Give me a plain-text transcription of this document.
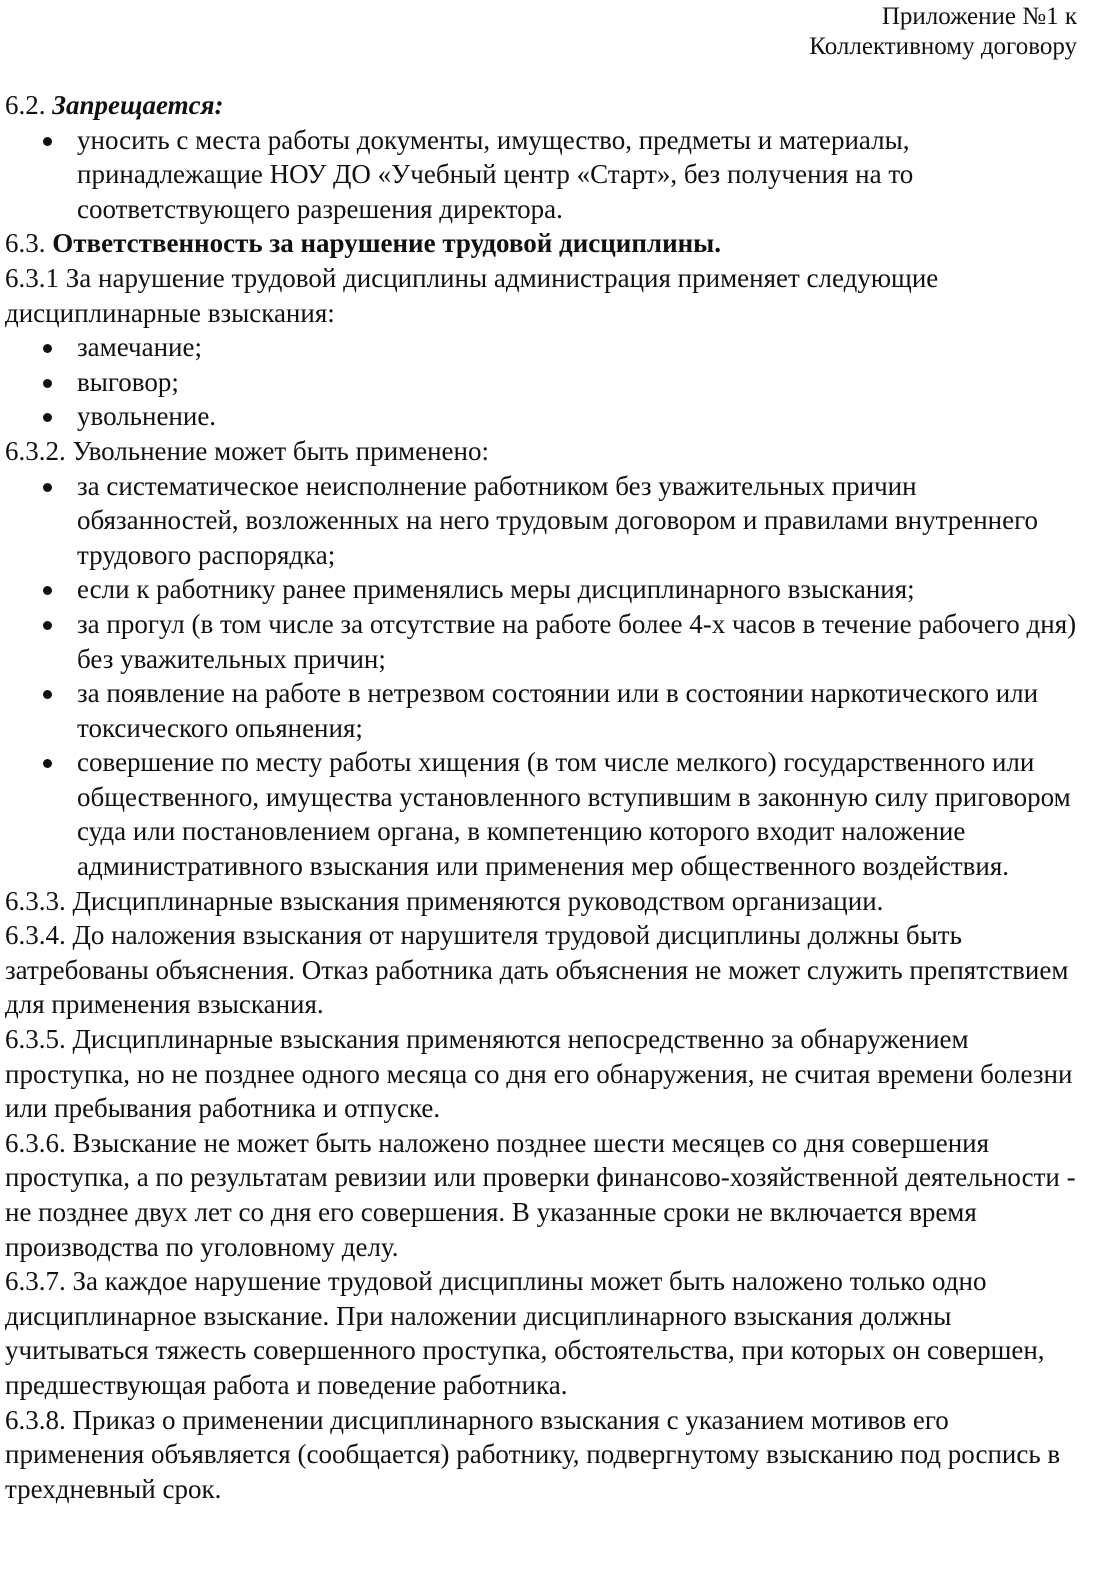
Приложение №1 к
Коллективному договору

6.2. Запрещается:

уносить с места работы документы, имущество, предметы и материалы, принадлежащие НОУ ДО «Учебный центр «Старт», без получения на то соответствующего разрешения директора.

6.3. Ответственность за нарушение трудовой дисциплины.

6.3.1 За нарушение трудовой дисциплины администрация применяет следующие дисциплинарные взыскания:

замечание;
выговор;
увольнение.

6.3.2. Увольнение может быть применено:

за систематическое неисполнение работником без уважительных причин обязанностей, возложенных на него трудовым договором и правилами внутреннего трудового распорядка;
если к работнику ранее применялись меры дисциплинарного взыскания;
за прогул (в том числе за отсутствие на работе более 4-х часов в течение рабочего дня) без уважительных причин;
за появление на работе в нетрезвом состоянии или в состоянии наркотического или токсического опьянения;
совершение по месту работы хищения (в том числе мелкого) государственного или общественного, имущества установленного вступившим в законную силу приговором суда или постановлением органа, в компетенцию которого входит наложение административного взыскания или применения мер общественного воздействия.

6.3.3. Дисциплинарные взыскания применяются руководством организации.

6.3.4. До наложения взыскания от нарушителя трудовой дисциплины должны быть затребованы объяснения. Отказ работника дать объяснения не может служить препятствием для применения взыскания.

6.3.5. Дисциплинарные взыскания применяются непосредственно за обнаружением проступка, но не позднее одного месяца со дня его обнаружения, не считая времени болезни или пребывания работника и отпуске.

6.3.6. Взыскание не может быть наложено позднее шести месяцев со дня совершения проступка, а по результатам ревизии или проверки финансово-хозяйственной деятельности - не позднее двух лет со дня его совершения. В указанные сроки не включается время производства по уголовному делу.

6.3.7. За каждое нарушение трудовой дисциплины может быть наложено только одно дисциплинарное взыскание. При наложении дисциплинарного взыскания должны учитываться тяжесть совершенного проступка, обстоятельства, при которых он совершен, предшествующая работа и поведение работника.

6.3.8. Приказ о применении дисциплинарного взыскания с указанием мотивов его применения объявляется (сообщается) работнику, подвергнутому взысканию под роспись в трехдневный срок.
